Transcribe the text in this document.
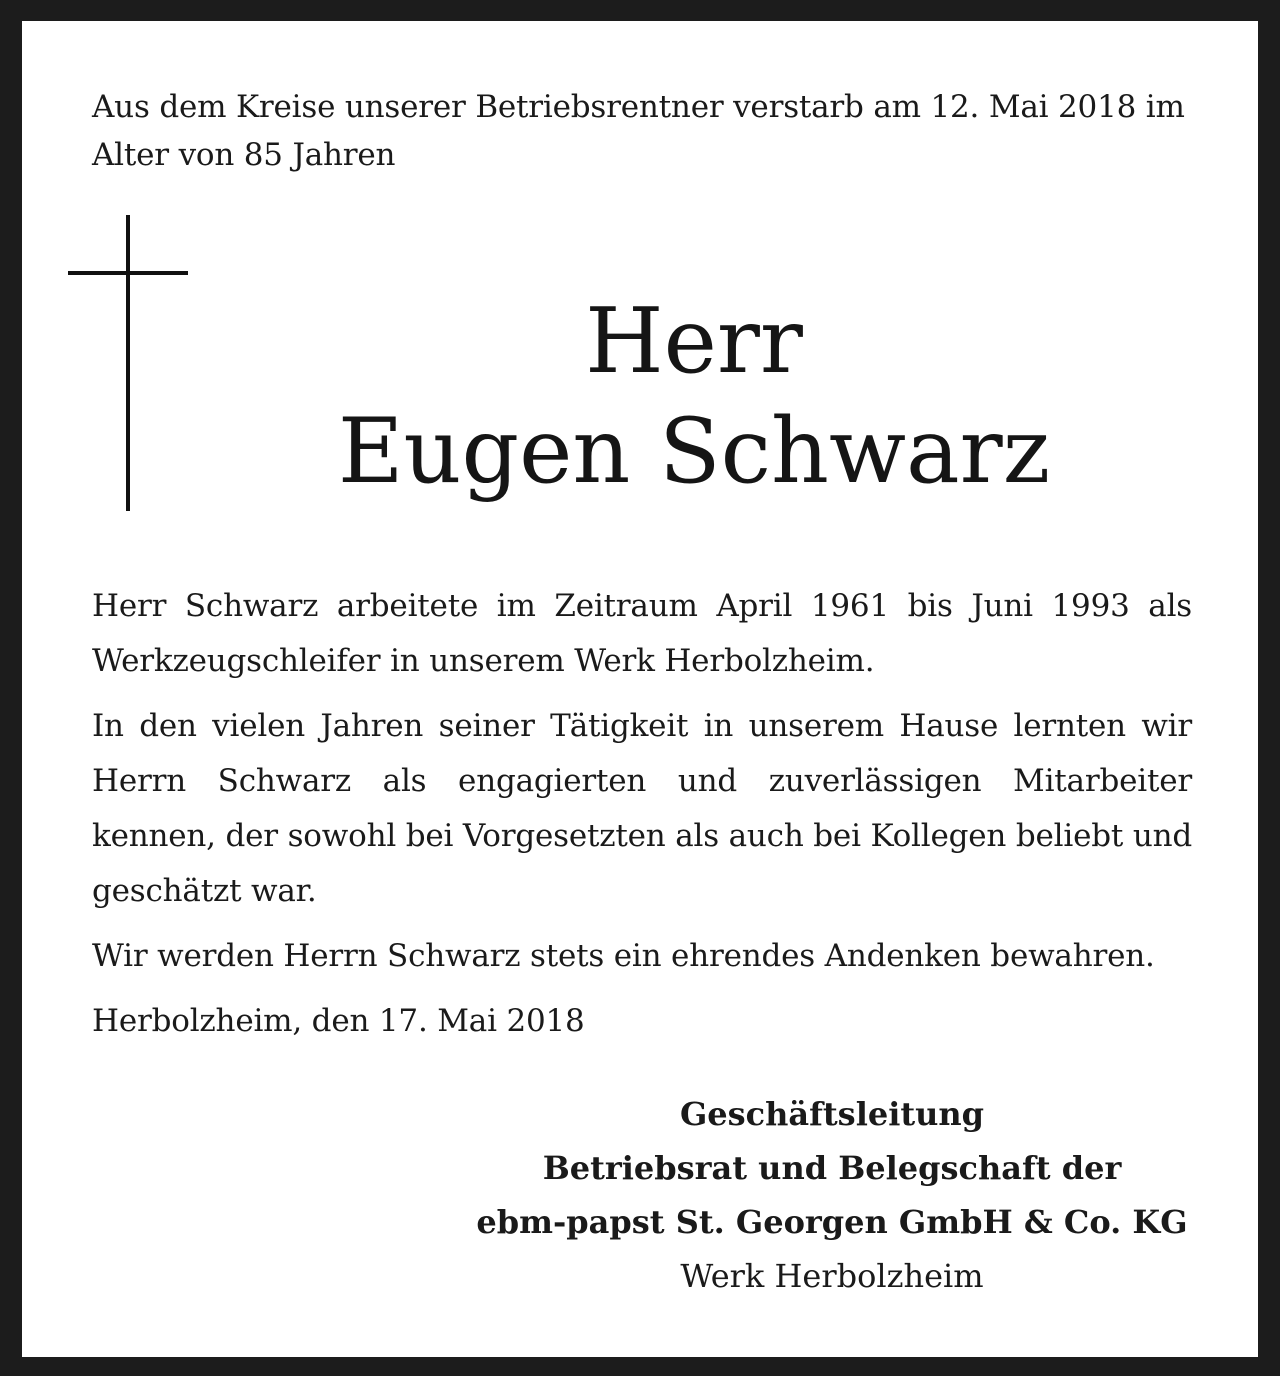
Aus dem Kreise unserer Betriebsrentner verstarb am 12. Mai 2018 im Alter von 85 Jahren
Herr
Eugen Schwarz

Herr Schwarz arbeitete im Zeitraum April 1961 bis Juni 1993 als Werkzeugschleifer in unserem Werk Herbolzheim.

In den vielen Jahren seiner Tätigkeit in unserem Hause lernten wir Herrn Schwarz als engagierten und zuverlässigen Mitarbeiter kennen, der sowohl bei Vorgesetzten als auch bei Kollegen beliebt und geschätzt war.

Wir werden Herrn Schwarz stets ein ehrendes Andenken bewahren.

Herbolzheim, den 17. Mai 2018

Geschäftsleitung
Betriebsrat und Belegschaft der
ebm-papst St. Georgen GmbH & Co. KG
Werk Herbolzheim
